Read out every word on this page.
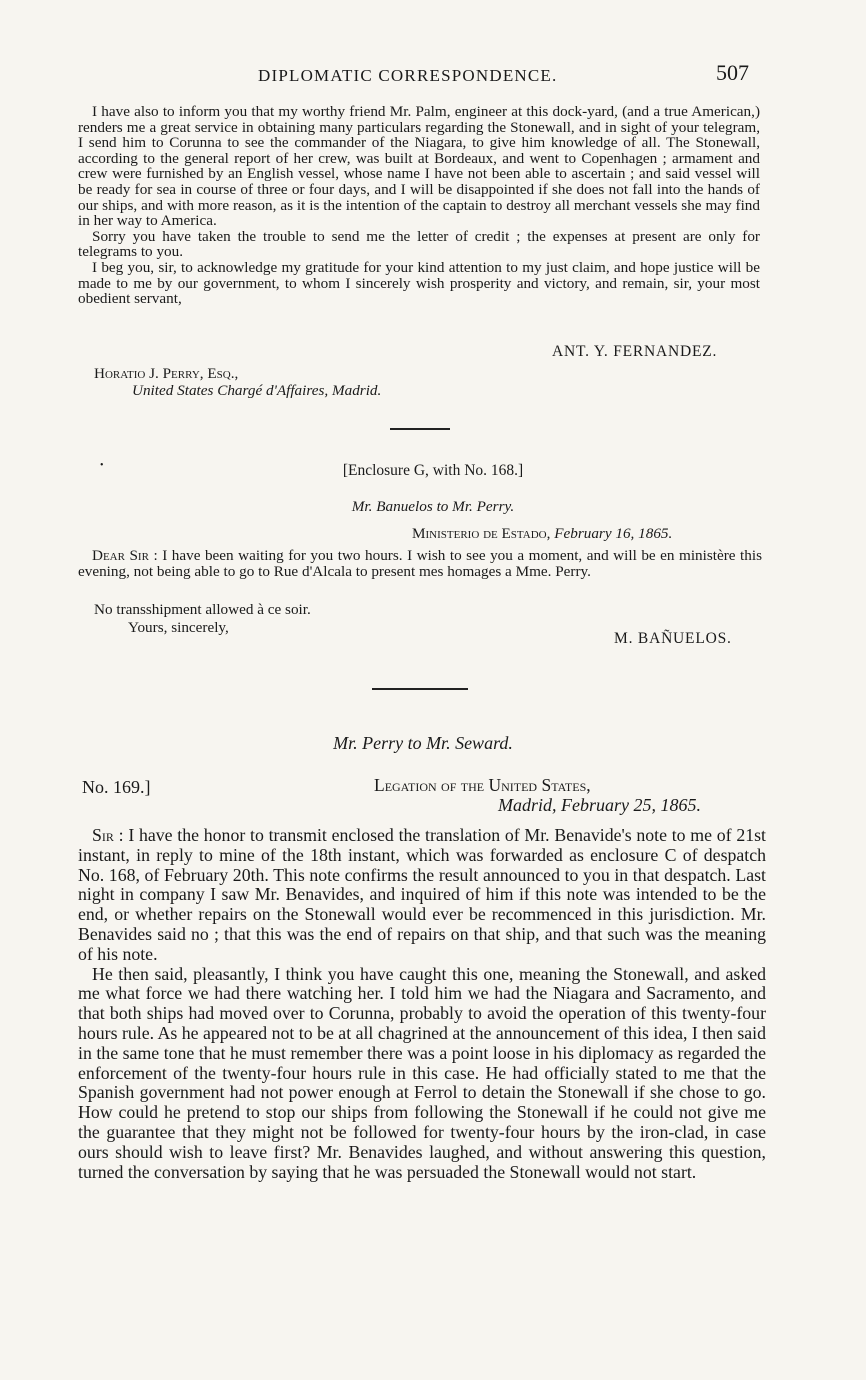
DIPLOMATIC CORRESPONDENCE.	507

I have also to inform you that my worthy friend Mr. Palm, engineer at this dock-yard, (and a true American,) renders me a great service in obtaining many particulars regarding the Stonewall, and in sight of your telegram, I send him to Corunna to see the commander of the Niagara, to give him knowledge of all. The Stonewall, according to the general report of her crew, was built at Bordeaux, and went to Copenhagen ; armament and crew were furnished by an English vessel, whose name I have not been able to ascertain ; and said vessel will be ready for sea in course of three or four days, and I will be disappointed if she does not fall into the hands of our ships, and with more reason, as it is the intention of the captain to destroy all merchant vessels she may find in her way to America.

Sorry you have taken the trouble to send me the letter of credit ; the expenses at present are only for telegrams to you.

I beg you, sir, to acknowledge my gratitude for your kind attention to my just claim, and hope justice will be made to me by our government, to whom I sincerely wish prosperity and victory, and remain, sir, your most obedient servant,

ANT. Y. FERNANDEZ.
Horatio J. Perry, Esq.,
United States Chargé d'Affaires, Madrid.
•	[Enclosure G, with No. 168.]
Mr. Banuelos to Mr. Perry.
Ministerio de Estado, February 16, 1865.

Dear Sir : I have been waiting for you two hours. I wish to see you a moment, and will be en ministère this evening, not being able to go to Rue d'Alcala to present mes homages a Mme. Perry.

No transshipment allowed à ce soir.
Yours, sincerely,
M. BAÑUELOS.
Mr. Perry to Mr. Seward.
No. 169.]	Legation of the United States,
Madrid, February 25, 1865.

Sir : I have the honor to transmit enclosed the translation of Mr. Benavide's note to me of 21st instant, in reply to mine of the 18th instant, which was forwarded as enclosure C of despatch No. 168, of February 20th. This note confirms the result announced to you in that despatch. Last night in company I saw Mr. Benavides, and inquired of him if this note was intended to be the end, or whether repairs on the Stonewall would ever be recommenced in this jurisdiction. Mr. Benavides said no ; that this was the end of repairs on that ship, and that such was the meaning of his note.

He then said, pleasantly, I think you have caught this one, meaning the Stonewall, and asked me what force we had there watching her. I told him we had the Niagara and Sacramento, and that both ships had moved over to Corunna, probably to avoid the operation of this twenty-four hours rule. As he appeared not to be at all chagrined at the announcement of this idea, I then said in the same tone that he must remember there was a point loose in his diplomacy as regarded the enforcement of the twenty-four hours rule in this case. He had officially stated to me that the Spanish government had not power enough at Ferrol to detain the Stonewall if she chose to go. How could he pretend to stop our ships from following the Stonewall if he could not give me the guarantee that they might not be followed for twenty-four hours by the iron-clad, in case ours should wish to leave first? Mr. Benavides laughed, and without answering this question, turned the conversation by saying that he was persuaded the Stonewall would not start.
